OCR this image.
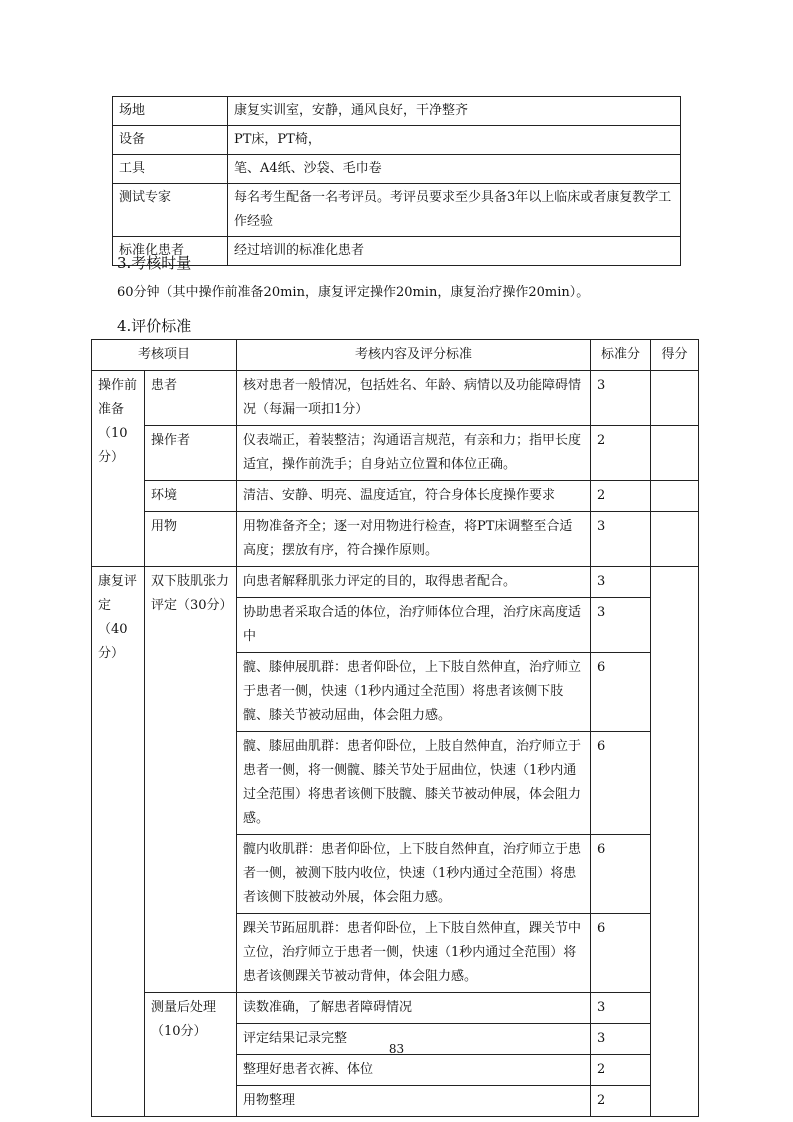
场地	康复实训室，安静，通风良好，干净整齐
设备	PT床，PT椅，
工具	笔、A4纸、沙袋、毛巾卷
测试专家	每名考生配备一名考评员。考评员要求至少具备3年以上临床或者康复教学工作经验
标准化患者	经过培训的标准化患者
3.考核时量
60分钟（其中操作前准备20min，康复评定操作20min，康复治疗操作20min）。
4.评价标准
考核项目		考核内容及评分标准	标准分	得分
操作前准备（10分）	患者	核对患者一般情况，包括姓名、年龄、病情以及功能障碍情况（每漏一项扣1分）	3	
	操作者	仪表端正，着装整洁；沟通语言规范，有亲和力；指甲长度适宜，操作前洗手；自身站立位置和体位正确。	2	
	环境	清洁、安静、明亮、温度适宜，符合身体长度操作要求	2	
	用物	用物准备齐全；逐一对用物进行检查，将PT床调整至合适高度；摆放有序，符合操作原则。	3	
康复评定（40分）	双下肢肌张力评定（30分）	向患者解释肌张力评定的目的，取得患者配合。	3	
		协助患者采取合适的体位，治疗师体位合理，治疗床高度适中	3	
		髋、膝伸展肌群：患者仰卧位，上下肢自然伸直，治疗师立于患者一侧，快速（1秒内通过全范围）将患者该侧下肢髋、膝关节被动屈曲，体会阻力感。	6	
		髋、膝屈曲肌群：患者仰卧位，上肢自然伸直，治疗师立于患者一侧，将一侧髋、膝关节处于屈曲位，快速（1秒内通过全范围）将患者该侧下肢髋、膝关节被动伸展，体会阻力感。	6	
		髋内收肌群：患者仰卧位，上下肢自然伸直，治疗师立于患者一侧，被测下肢内收位，快速（1秒内通过全范围）将患者该侧下肢被动外展，体会阻力感。	6	
		踝关节跖屈肌群：患者仰卧位，上下肢自然伸直，踝关节中立位，治疗师立于患者一侧，快速（1秒内通过全范围）将患者该侧踝关节被动背伸，体会阻力感。	6	
	测量后处理（10分）	读数准确，了解患者障碍情况	3	
		评定结果记录完整	3	
		整理好患者衣裤、体位	2	
		用物整理	2	
83
